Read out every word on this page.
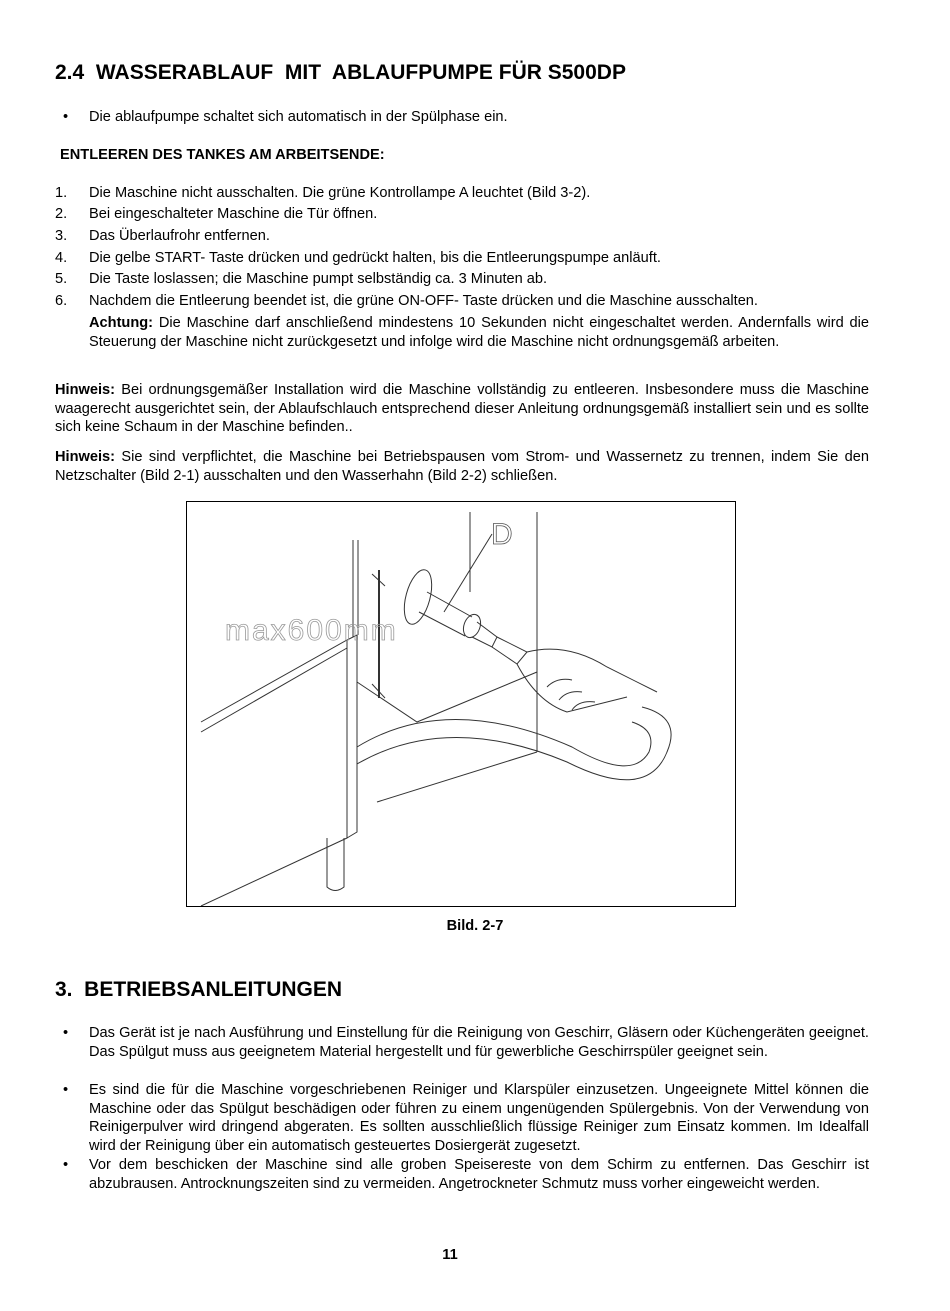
2.4  WASSERABLAUF  MIT  ABLAUFPUMPE FÜR S500DP
• Die ablaufpumpe schaltet sich automatisch in der Spülphase ein.

ENTLEEREN DES TANKES AM ARBEITSENDE:
1. Die Maschine nicht ausschalten. Die grüne Kontrollampe A leuchtet (Bild 3-2).

2. Bei eingeschalteter Maschine die Tür öffnen.

3. Das Überlaufrohr entfernen.

4. Die gelbe START- Taste drücken und gedrückt halten, bis die Entleerungspumpe anläuft.

5. Die Taste loslassen; die Maschine pumpt selbständig ca. 3 Minuten ab.

6. Nachdem die Entleerung beendet ist, die grüne ON-OFF- Taste drücken und die Maschine ausschalten.

Achtung: Die Maschine darf anschließend mindestens 10 Sekunden nicht eingeschaltet werden. Andernfalls wird die Steuerung der Maschine nicht zurückgesetzt und infolge wird die Maschine nicht ordnungsgemäß arbeiten.

Hinweis: Bei ordnungsgemäßer Installation wird die Maschine vollständig zu entleeren. Insbesondere muss die Maschine waagerecht ausgerichtet sein, der Ablaufschlauch entsprechend dieser Anleitung ordnungsgemäß installiert sein und es sollte sich keine Schaum in der Maschine befinden..

Hinweis: Sie sind verpflichtet, die Maschine bei Betriebspausen vom Strom- und Wassernetz zu trennen, indem Sie den Netzschalter (Bild 2-1) ausschalten und den Wasserhahn (Bild 2-2) schließen.

D
max600mm
Bild. 2-7
3.  BETRIEBSANLEITUNGEN
• Das Gerät ist je nach Ausführung und Einstellung für die Reinigung von Geschirr, Gläsern oder Küchengeräten geeignet. Das Spülgut muss aus geeignetem Material hergestellt und für gewerbliche Geschirrspüler geeignet sein.

• Es sind die für die Maschine vorgeschriebenen Reiniger und Klarspüler einzusetzen. Ungeeignete Mittel können die Maschine oder das Spülgut beschädigen oder führen zu einem ungenügenden Spülergebnis. Von der Verwendung von Reinigerpulver wird dringend abgeraten. Es sollten ausschließlich flüssige Reiniger zum Einsatz kommen. Im Idealfall wird der Reinigung über ein automatisch gesteuertes Dosiergerät zugesetzt.

• Vor dem beschicken der Maschine sind alle groben Speisereste von dem Schirm zu entfernen. Das Geschirr ist abzubrausen. Antrocknungszeiten sind zu vermeiden. Angetrockneter Schmutz muss vorher eingeweicht werden.

11
